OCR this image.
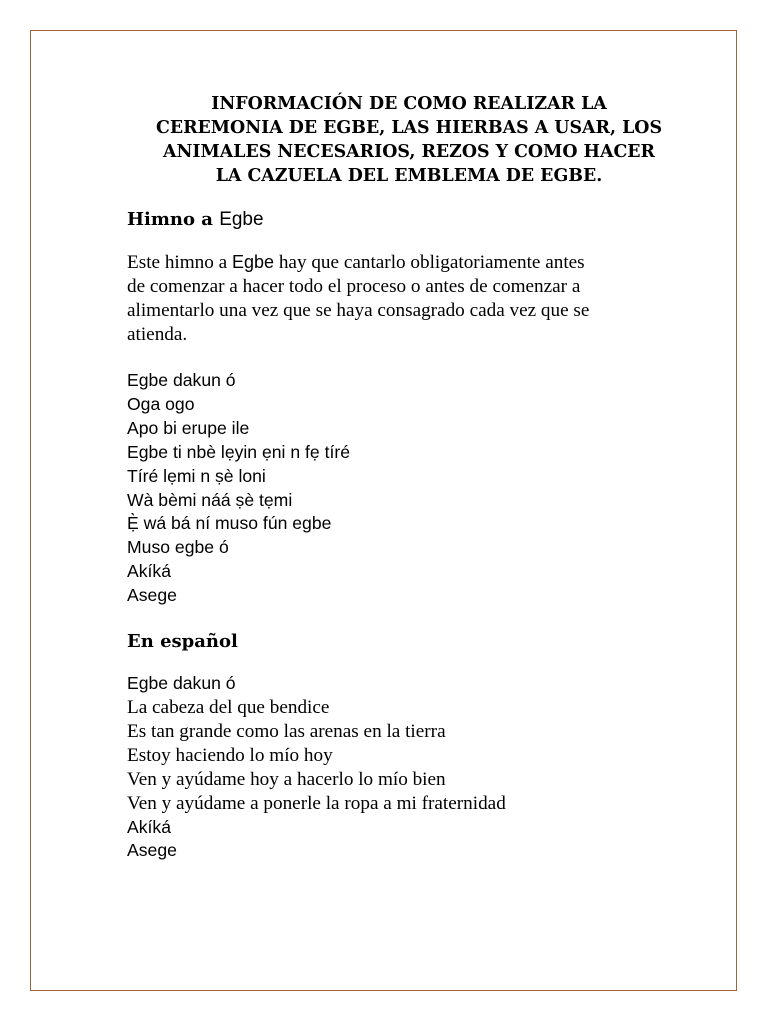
INFORMACIÓN DE COMO REALIZAR LA
CEREMONIA DE EGBE, LAS HIERBAS A USAR, LOS
ANIMALES NECESARIOS, REZOS Y COMO HACER
LA CAZUELA DEL EMBLEMA DE EGBE.
Himno a Egbe

Este himno a Egbe hay que cantarlo obligatoriamente antes
de comenzar a hacer todo el proceso o antes de comenzar a
alimentarlo una vez que se haya consagrado cada vez que se
atienda.

Egbe dakun ó
Oga ogo
Apo bi erupe ile
Egbe ti nbè lẹyin ẹni n fẹ tíré
Tíré lẹmi n ṣè loni
Wà bèmi náá ṣè tẹmi
Ẹ̀ wá bá ní muso fún egbe
Muso egbe ó
Akíká
Asege
En español
Egbe dakun ó
La cabeza del que bendice
Es tan grande como las arenas en la tierra
Estoy haciendo lo mío hoy
Ven y ayúdame hoy a hacerlo lo mío bien
Ven y ayúdame a ponerle la ropa a mi fraternidad
Akíká
Asege
